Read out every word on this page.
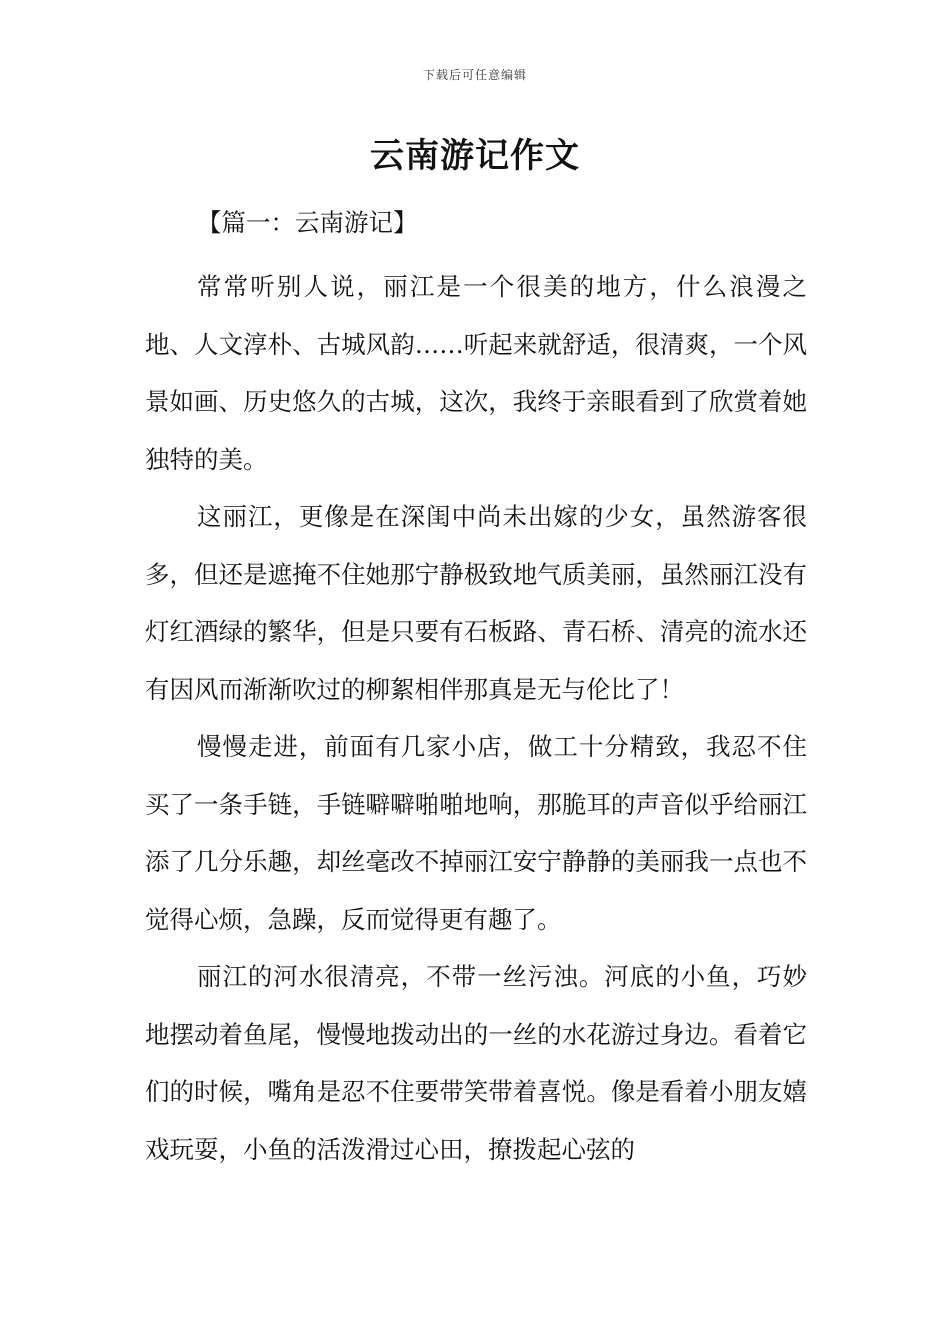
下载后可任意编辑
云南游记作文

【篇一：云南游记】

常常听别人说，丽江是一个很美的地方，什么浪漫之地、人文淳朴、古城风韵……听起来就舒适，很清爽，一个风景如画、历史悠久的古城，这次，我终于亲眼看到了欣赏着她独特的美。

这丽江，更像是在深闺中尚未出嫁的少女，虽然游客很多，但还是遮掩不住她那宁静极致地气质美丽，虽然丽江没有灯红酒绿的繁华，但是只要有石板路、青石桥、清亮的流水还有因风而渐渐吹过的柳絮相伴那真是无与伦比了！

慢慢走进，前面有几家小店，做工十分精致，我忍不住买了一条手链，手链噼噼啪啪地响，那脆耳的声音似乎给丽江添了几分乐趣，却丝毫改不掉丽江安宁静静的美丽我一点也不觉得心烦，急躁，反而觉得更有趣了。

丽江的河水很清亮，不带一丝污浊。河底的小鱼，巧妙地摆动着鱼尾，慢慢地拨动出的一丝的水花游过身边。看着它们的时候，嘴角是忍不住要带笑带着喜悦。像是看着小朋友嬉戏玩耍，小鱼的活泼滑过心田，撩拨起心弦的
